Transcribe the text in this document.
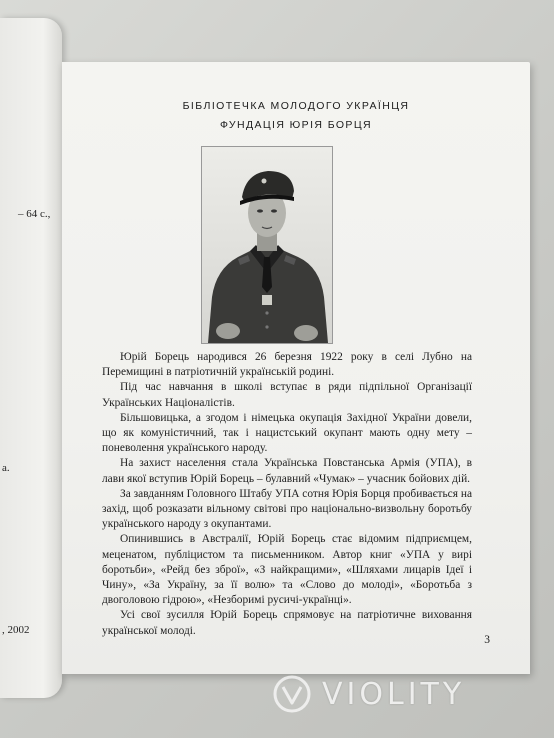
– 64 с.,
а.
, 2002
БІБЛІОТЕЧКА МОЛОДОГО УКРАЇНЦЯ
ФУНДАЦІЯ ЮРІЯ БОРЦЯ

Юрій Борець народився 26 березня 1922 року в селі Лубно на Перемищині в патріотичній українській родині.

Під час навчання в школі вступає в ряди підпільної Організації Українських Націоналістів.

Більшовицька, а згодом і німецька окупація Західної України довели, що як комуністичний, так і нацистський окупант мають одну мету – поневолення українського народу.

На захист населення стала Українська Повстанська Армія (УПА), в лави якої вступив Юрій Борець – булавний «Чумак» – учасник бойових дій.

За завданням Головного Штабу УПА сотня Юрія Борця пробивається на захід, щоб розказати вільному світові про національно-визвольну боротьбу українського народу з окупантами.

Опинившись в Австралії, Юрій Борець стає відомим підприємцем, меценатом, публіцистом та письменником. Автор книг «УПА у вирі боротьби», «Рейд без зброї», «З найкращими», «Шляхами лицарів Ідеї і Чину», «За Україну, за її волю» та «Слово до молоді», «Боротьба з двоголовою гідрою», «Незборимі русичі-українці».

Усі свої зусилля Юрій Борець спрямовує на патріотичне виховання української молоді.

3
VIOLITY
